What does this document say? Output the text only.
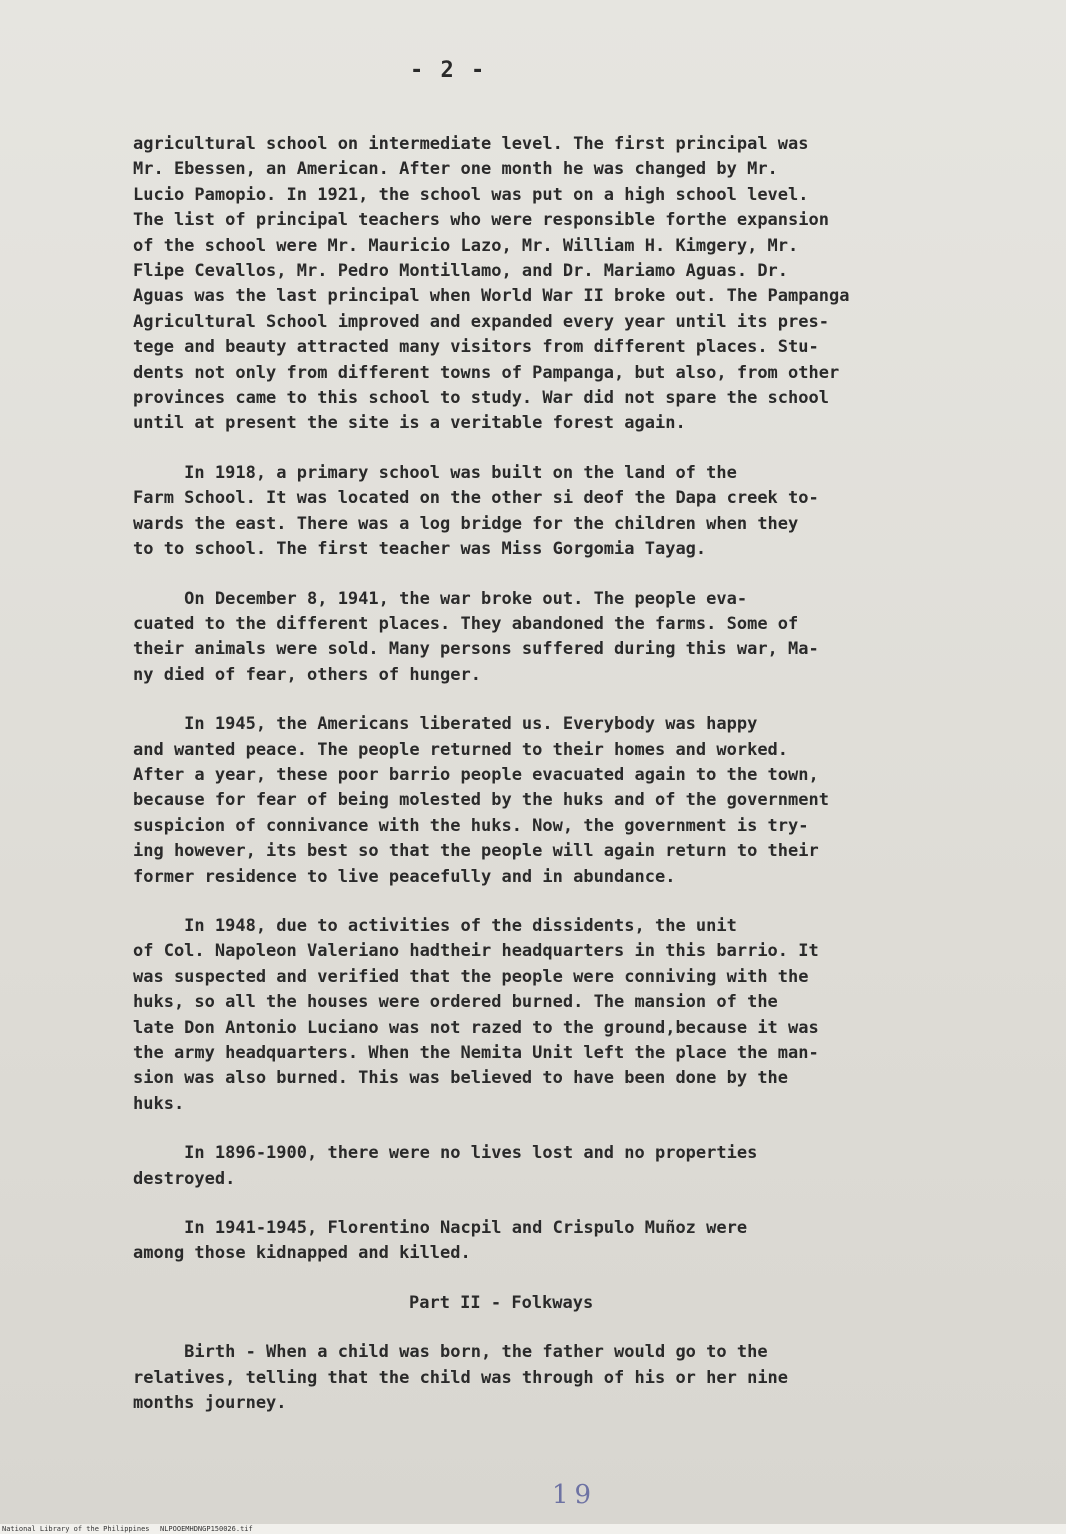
- 2 -

agricultural school on intermediate level. The first principal was

Mr. Ebessen, an American. After one month he was changed by Mr.

Lucio Pamopio. In 1921, the school was put on a high school level.

The list of principal teachers who were responsible forthe expansion

of the school were Mr. Mauricio Lazo, Mr. William H. Kimgery, Mr.

Flipe Cevallos, Mr. Pedro Montillamo, and Dr. Mariamo Aguas. Dr.

Aguas was the last principal when World War II broke out. The Pampanga

Agricultural School improved and expanded every year until its pres-

tege and beauty attracted many visitors from different places. Stu-

dents not only from different towns of Pampanga, but also, from other

provinces came to this school to study. War did not spare the school

until at present the site is a veritable forest again.

In 1918, a primary school was built on the land of the

Farm School. It was located on the other si deof the Dapa creek to-

wards the east. There was a log bridge for the children when they

to to school. The first teacher was Miss Gorgomia Tayag.

On December 8, 1941, the war broke out. The people eva-

cuated to the different places. They abandoned the farms. Some of

their animals were sold. Many persons suffered during this war, Ma-

ny died of fear, others of hunger.

In 1945, the Americans liberated us. Everybody was happy

and wanted peace. The people returned to their homes and worked.

After a year, these poor barrio people evacuated again to the town,

because for fear of being molested by the huks and of the government

suspicion of connivance with the huks. Now, the government is try-

ing however, its best so that the people will again return to their

former residence to live peacefully and in abundance.

In 1948, due to activities of the dissidents, the unit

of Col. Napoleon Valeriano hadtheir headquarters in this barrio. It

was suspected and verified that the people were conniving with the

huks, so all the houses were ordered burned. The mansion of the

late Don Antonio Luciano was not razed to the ground,because it was

the army headquarters. When the Nemita Unit left the place the man-

sion was also burned. This was believed to have been done by the

huks.

In 1896-1900, there were no lives lost and no properties

destroyed.

In 1941-1945, Florentino Nacpil and Crispulo Muñoz were

among those kidnapped and killed.

Part II - Folkways

Birth - When a child was born, the father would go to the

relatives, telling that the child was through of his or her nine

months journey.

19

National Library of the Philippines

NLPOOEMHDNGP150026.tif
